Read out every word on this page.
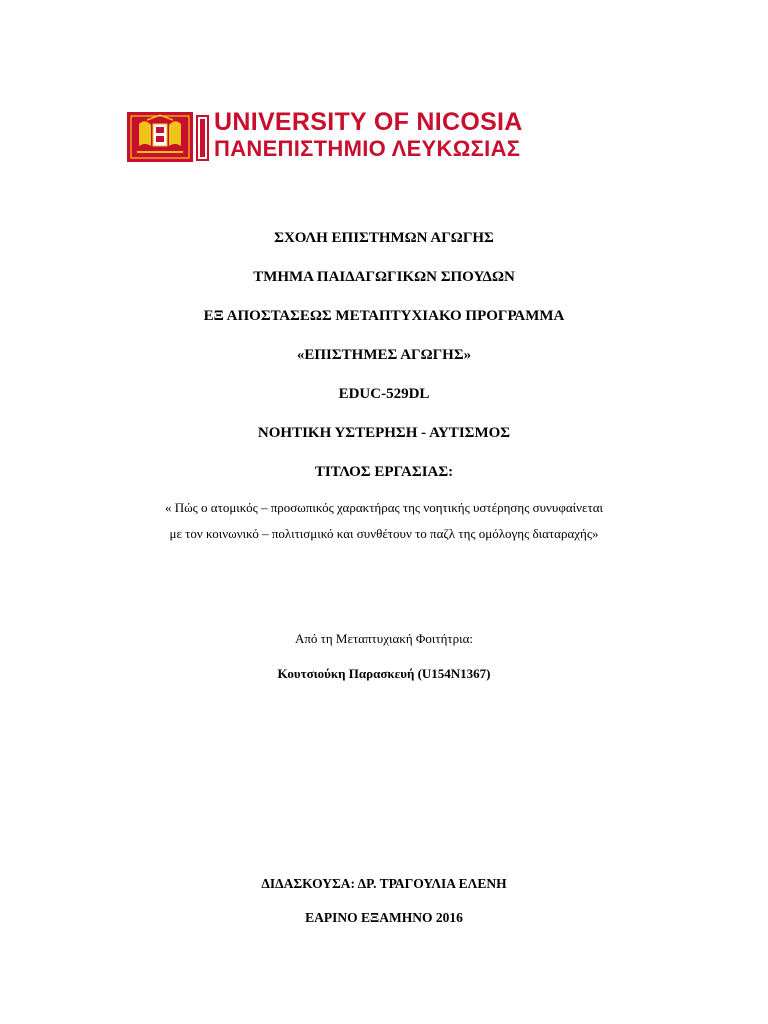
UNIVERSITY OF NICOSIA
ΠΑΝΕΠΙΣΤΗΜΙΟ ΛΕΥΚΩΣΙΑΣ
ΣΧΟΛΗ ΕΠΙΣΤΗΜΩΝ ΑΓΩΓΗΣ
ΤΜΗΜΑ ΠΑΙΔΑΓΩΓΙΚΩΝ ΣΠΟΥΔΩΝ
ΕΞ ΑΠΟΣΤΑΣΕΩΣ ΜΕΤΑΠΤΥΧΙΑΚΟ ΠΡΟΓΡΑΜΜΑ
«ΕΠΙΣΤΗΜΕΣ ΑΓΩΓΗΣ»
EDUC-529DL
ΝΟΗΤΙΚΗ ΥΣΤΕΡΗΣΗ - ΑΥΤΙΣΜΟΣ
ΤΙΤΛΟΣ ΕΡΓΑΣΙΑΣ:
« Πώς ο ατομικός – προσωπικός χαρακτήρας της νοητικής υστέρησης συνυφαίνεται
με τον κοινωνικό – πολιτισμικό και συνθέτουν το παζλ της ομόλογης διαταραχής»
Από τη Μεταπτυχιακή Φοιτήτρια:
Κουτσιούκη Παρασκευή (U154N1367)
ΔΙΔΑΣΚΟΥΣΑ: ΔΡ. ΤΡΑΓΟΥΛΙΑ ΕΛΕΝΗ
ΕΑΡΙΝΟ ΕΞΑΜΗΝΟ 2016
